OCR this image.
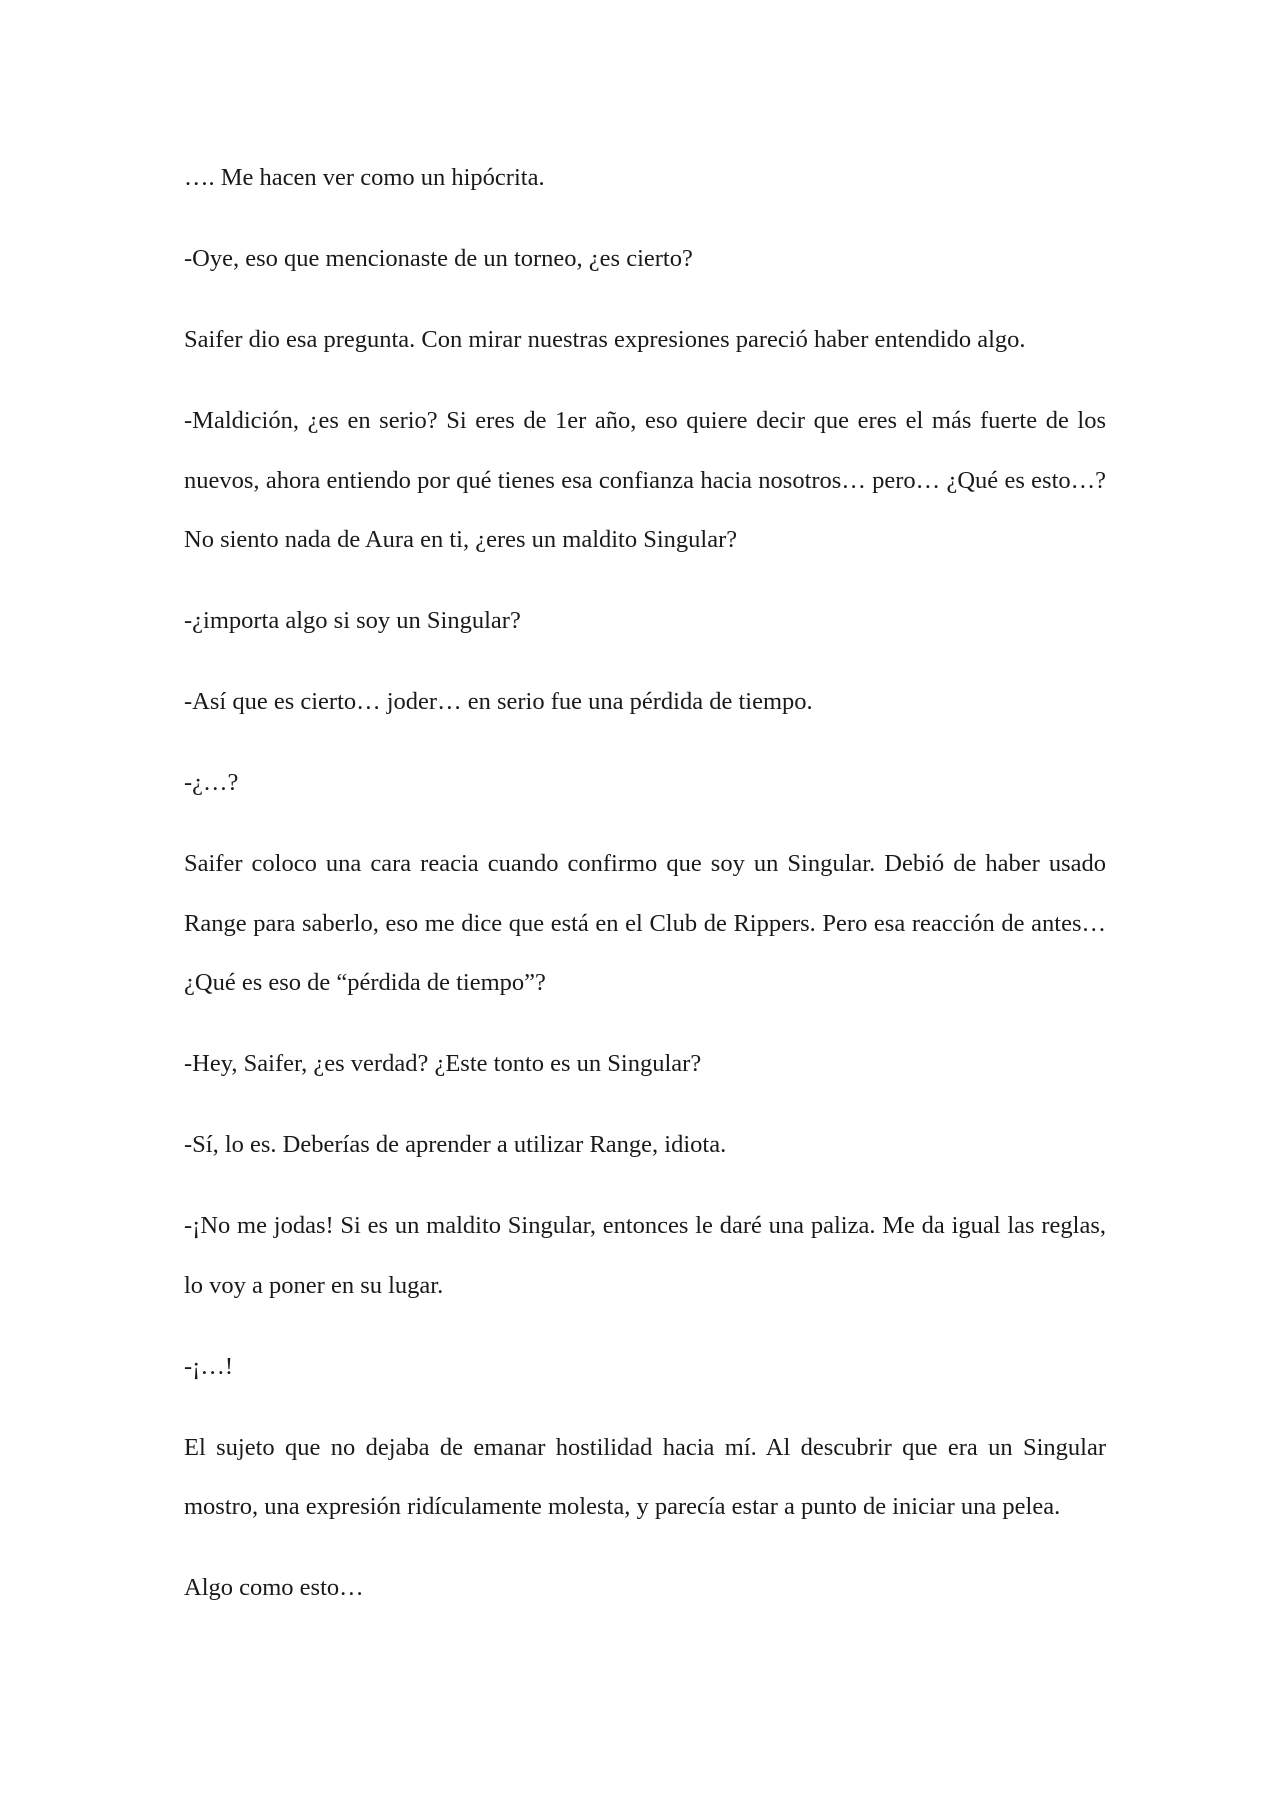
…. Me hacen ver como un hipócrita.

-Oye, eso que mencionaste de un torneo, ¿es cierto?

Saifer dio esa pregunta. Con mirar nuestras expresiones pareció haber entendido algo.

-Maldición, ¿es en serio? Si eres de 1er año, eso quiere decir que eres el más fuerte de los nuevos, ahora entiendo por qué tienes esa confianza hacia nosotros… pero… ¿Qué es esto…? No siento nada de Aura en ti, ¿eres un maldito Singular?

-¿importa algo si soy un Singular?

-Así que es cierto… joder… en serio fue una pérdida de tiempo.

-¿…?

Saifer coloco una cara reacia cuando confirmo que soy un Singular. Debió de haber usado Range para saberlo, eso me dice que está en el Club de Rippers. Pero esa reacción de antes… ¿Qué es eso de “pérdida de tiempo”?

-Hey, Saifer, ¿es verdad? ¿Este tonto es un Singular?

-Sí, lo es. Deberías de aprender a utilizar Range, idiota.

-¡No me jodas! Si es un maldito Singular, entonces le daré una paliza. Me da igual las reglas, lo voy a poner en su lugar.

-¡…!

El sujeto que no dejaba de emanar hostilidad hacia mí. Al descubrir que era un Singular mostro, una expresión ridículamente molesta, y parecía estar a punto de iniciar una pelea.

Algo como esto…
